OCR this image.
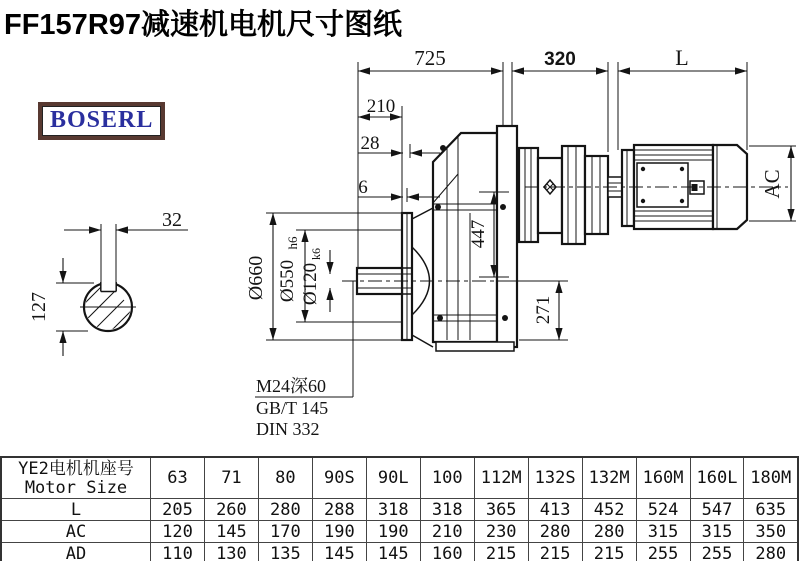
FF157R97减速机电机尺寸图纸
BOSERL
725	320	L
210
28
6
32
127
Ø660 Ø550
h6
Ø120
k6
447
271
AC
M24深60
GB/T 145
DIN 332
YE2电机机座号
Motor Size	63	71	80	90S	90L	100	112M	132S	132M	160M	160L	180M
L	205	260	280	288	318	318	365	413	452	524	547	635
AC	120	145	170	190	190	210	230	280	280	315	315	350
AD	110	130	135	145	145	160	215	215	215	255	255	280
